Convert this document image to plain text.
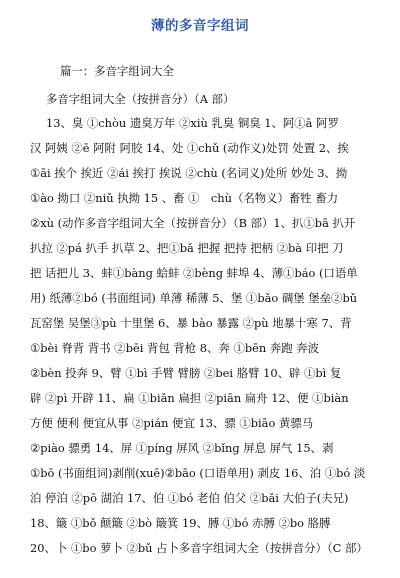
薄的多音字组词
篇一：多音字组词大全
多音字组词大全（按拼音分）（A 部）
13、臭 ①chòu 遗臭万年 ②xiù 乳臭 铜臭 1、阿①ā 阿罗
汉 阿姨 ②ē 阿附 阿胶 14、处 ①chǔ (动作义)处罚 处置 2、挨
①āi 挨个 挨近 ②ái 挨打 挨说 ②chù (名词义)处所 妙处 3、拗
①ào 拗口 ②niǔ 执拗 15 、畜 ①　chù（名物义）畜牲 畜力
②xù (动作多音字组词大全（按拼音分）（B 部）1、扒①bā 扒开
扒拉 ②pá 扒手 扒草 2、把①bǎ 把握 把持 把柄 ②bà 印把 刀
把 话把儿 3、蚌①bàng 蛤蚌 ②bèng 蚌埠 4、薄①báo (口语单
用) 纸薄②bó (书面组词) 单薄 稀薄 5、堡 ①bǎo 碉堡 堡垒②bǔ
瓦窑堡 吴堡③pù 十里堡 6、暴 bào 暴露 ②pù 地暴十寒 7、背
①bèi 脊背 背书 ②bēi 背包 背枪 8、奔 ①bēn 奔跑 奔波
②bèn 投奔 9、臂 ①bì 手臂 臂膀 ②bei 胳臂 10、辟 ①bì 复
辟 ②pì 开辟 11、扁 ①biǎn 扁担 ②piān 扁舟 12、便 ①biàn
方便 便利 便宜从事 ②pián 便宜 13、骠 ①biāo 黄骠马
②piào 骠勇 14、屏 ①píng 屏风 ②bǐng 屏息 屏气 15、剥
①bō (书面组词)剥削(xuē)②bāo (口语单用) 剥皮 16、泊 ①bó 淡
泊 停泊 ②pō 湖泊 17、伯 ①bó 老伯 伯父 ②bǎi 大伯子(夫兄)
18、簸 ①bǒ 颠簸 ②bò 簸箕 19、膊 ①bó 赤膊 ②bo 胳膊
20、卜 ①bo 萝卜 ②bǔ 占卜多音字组词大全（按拼音分）（C 部）
